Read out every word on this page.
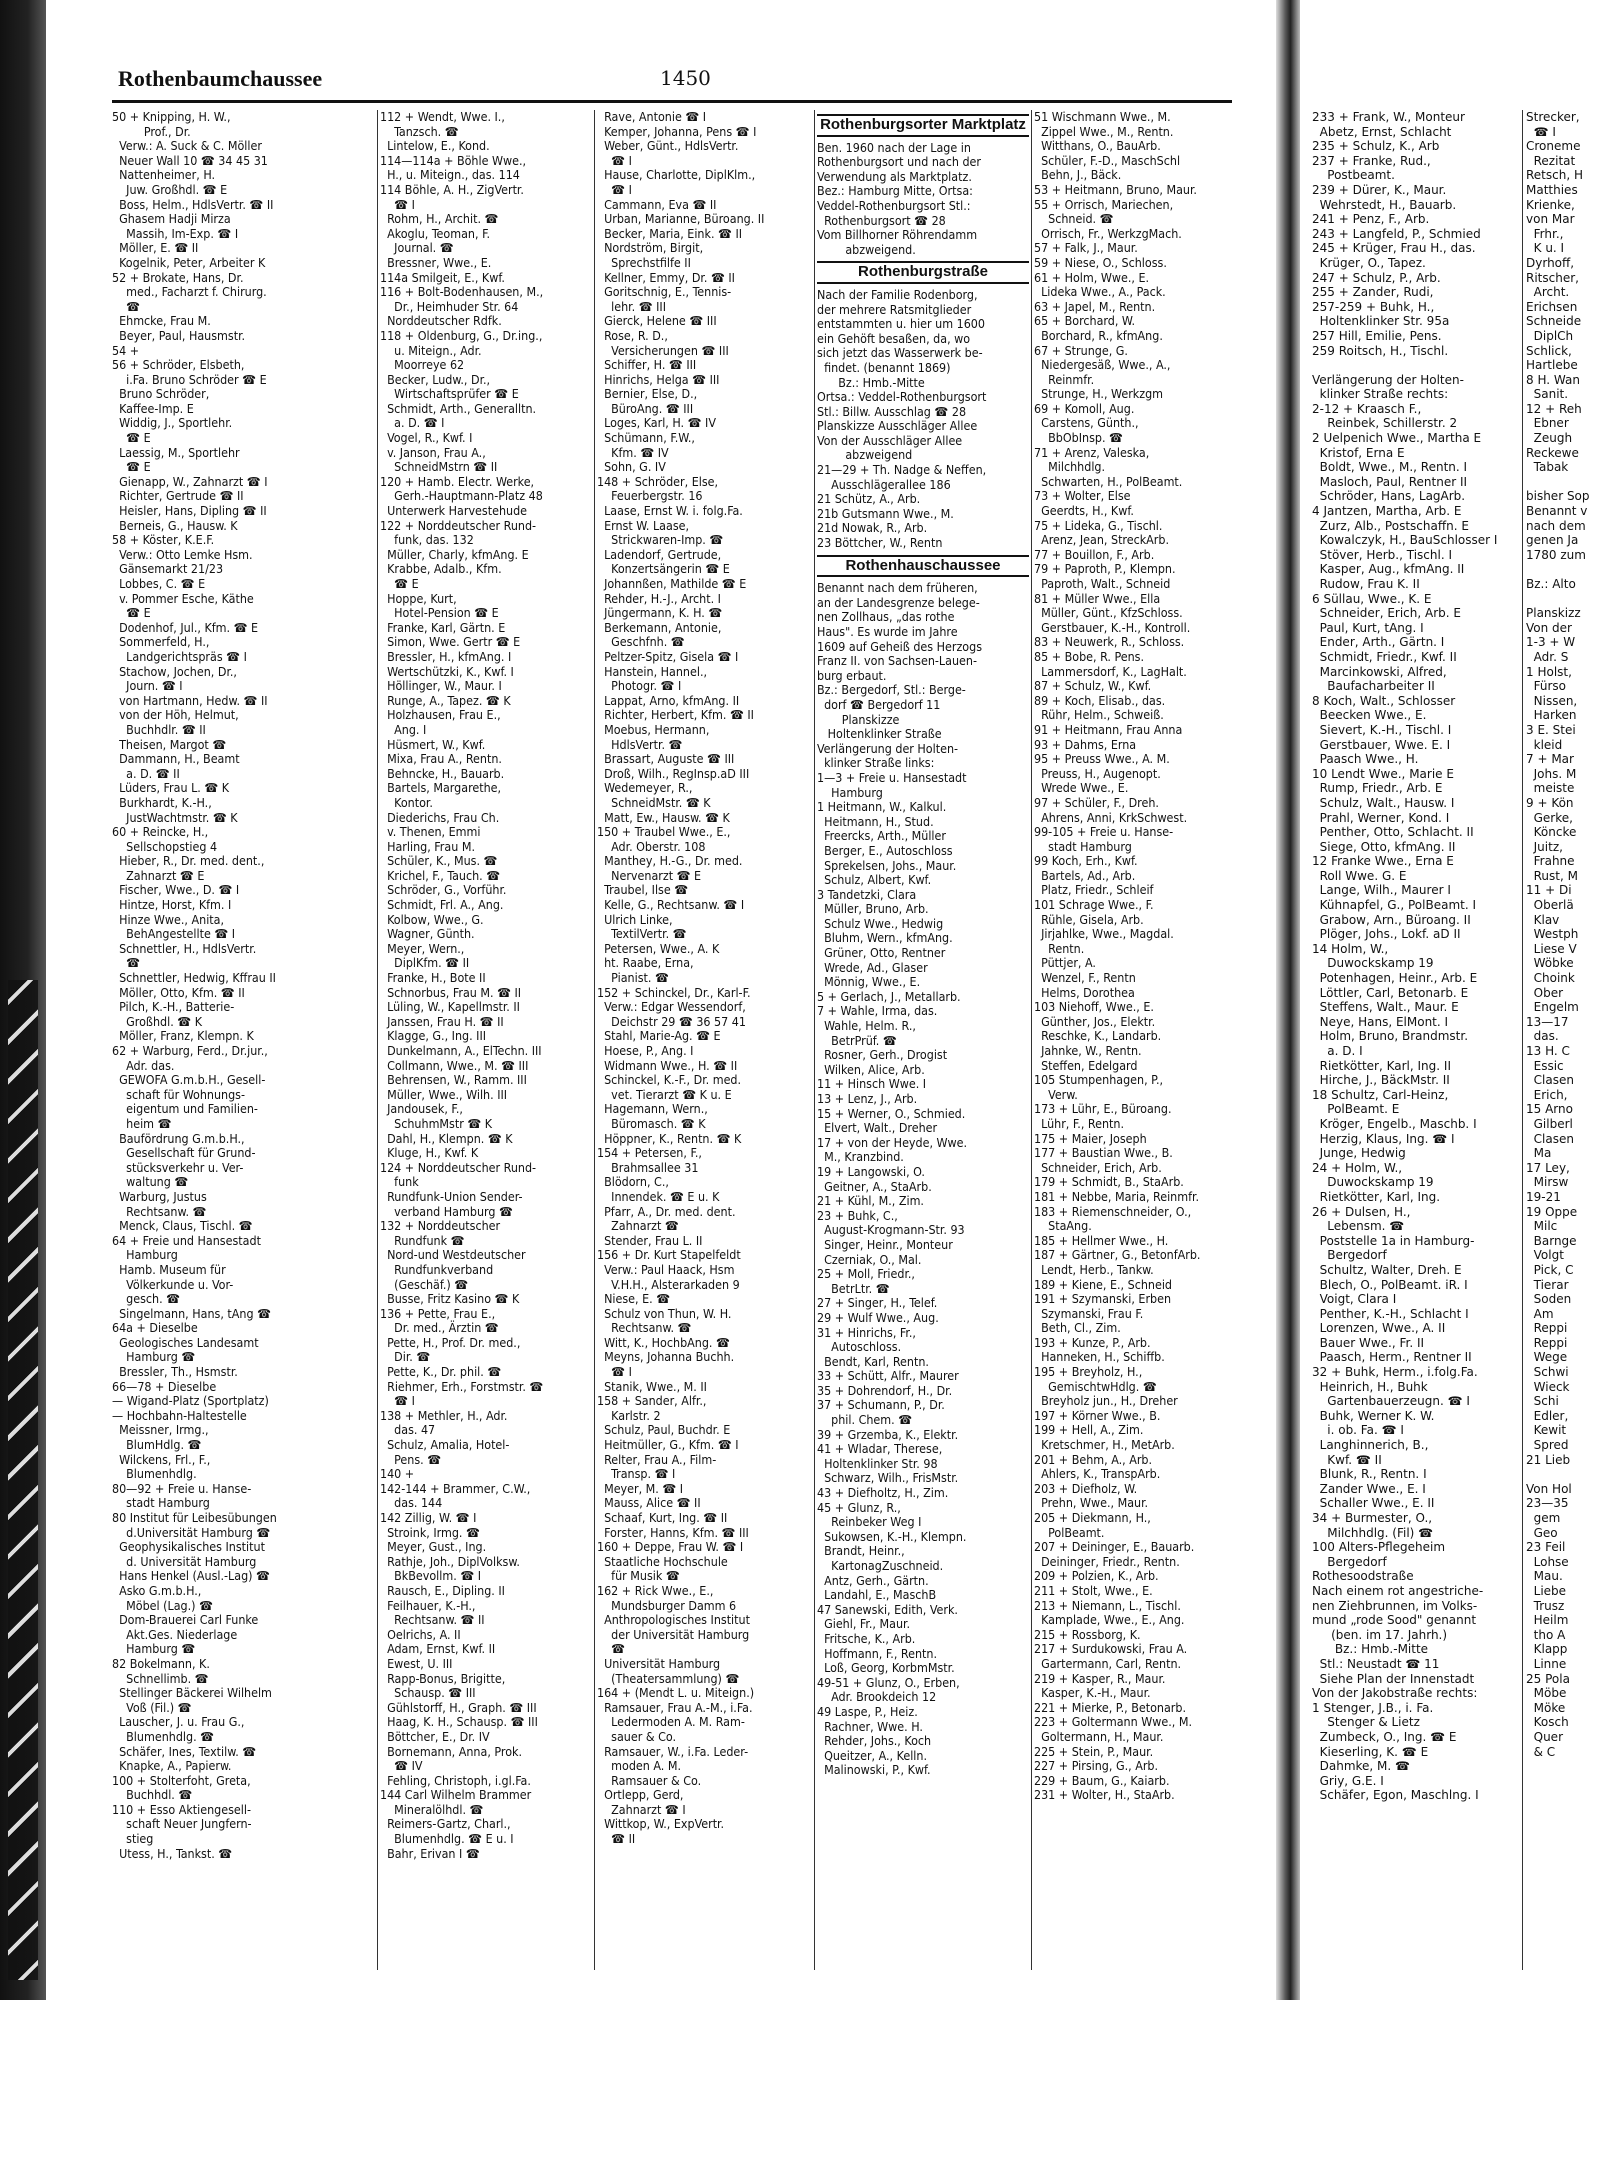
Rothenbaumchaussee	1450
50 + Knipping, H. W.,
Prof., Dr.
Verw.: A. Suck & C. Möller
Neuer Wall 10 ☎ 34 45 31
Nattenheimer, H.
Juw. Großhdl. ☎ E
Boss, Helm., HdlsVertr. ☎ II
Ghasem Hadji Mirza
Massih, Im-Exp. ☎ I
Möller, E. ☎ II
Kogelnik, Peter, Arbeiter K
52 + Brokate, Hans, Dr.
med., Facharzt f. Chirurg.
☎
Ehmcke, Frau M.
Beyer, Paul, Hausmstr.
54 +
56 + Schröder, Elsbeth,
i.Fa. Bruno Schröder ☎ E
Bruno Schröder,
Kaffee-Imp. E
Widdig, J., Sportlehr.
☎ E
Laessig, M., Sportlehr
☎ E
Gienapp, W., Zahnarzt ☎ I
Richter, Gertrude ☎ II
Heisler, Hans, Dipling ☎ II
Berneis, G., Hausw. K
58 + Köster, K.E.F.
Verw.: Otto Lemke Hsm.
Gänsemarkt 21/23
Lobbes, C. ☎ E
v. Pommer Esche, Käthe
☎ E
Dodenhof, Jul., Kfm. ☎ E
Sommerfeld, H.,
Landgerichtspräs ☎ I
Stachow, Jochen, Dr.,
Journ. ☎ I
von Hartmann, Hedw. ☎ II
von der Höh, Helmut,
Buchhdlr. ☎ II
Theisen, Margot ☎
Dammann, H., Beamt
a. D. ☎ II
Lüders, Frau L. ☎ K
Burkhardt, K.-H.,
JustWachtmstr. ☎ K
60 + Reincke, H.,
Sellschopstieg 4
Hieber, R., Dr. med. dent.,
Zahnarzt ☎ E
Fischer, Wwe., D. ☎ I
Hintze, Horst, Kfm. I
Hinze Wwe., Anita,
BehAngestellte ☎ I
Schnettler, H., HdlsVertr.
☎
Schnettler, Hedwig, Kffrau II
Möller, Otto, Kfm. ☎ II
Pilch, K.-H., Batterie-
Großhdl. ☎ K
Möller, Franz, Klempn. K
62 + Warburg, Ferd., Dr.jur.,
Adr. das.
GEWOFA G.m.b.H., Gesell-
schaft für Wohnungs-
eigentum und Familien-
heim ☎
Baufördrung G.m.b.H.,
Gesellschaft für Grund-
stücksverkehr u. Ver-
waltung ☎
Warburg, Justus
Rechtsanw. ☎
Menck, Claus, Tischl. ☎
64 + Freie und Hansestadt
Hamburg
Hamb. Museum für
Völkerkunde u. Vor-
gesch. ☎
Singelmann, Hans, tAng ☎
64a + Dieselbe
Geologisches Landesamt
Hamburg ☎
Bressler, Th., Hsmstr.
66—78 + Dieselbe
— Wigand-Platz (Sportplatz)
— Hochbahn-Haltestelle
Meissner, Irmg.,
BlumHdlg. ☎
Wilckens, Frl., F.,
Blumenhdlg.
80—92 + Freie u. Hanse-
stadt Hamburg
80 Institut für Leibesübungen
d.Universität Hamburg ☎
Geophysikalisches Institut
d. Universität Hamburg
Hans Henkel (Ausl.-Lag) ☎
Asko G.m.b.H.,
Möbel (Lag.) ☎
Dom-Brauerei Carl Funke
Akt.Ges. Niederlage
Hamburg ☎
82 Bokelmann, K.
Schnellimb. ☎
Stellinger Bäckerei Wilhelm
Voß (Fil.) ☎
Lauscher, J. u. Frau G.,
Blumenhdlg. ☎
Schäfer, Ines, Textilw. ☎
Knapke, A., Papierw.
100 + Stolterfoht, Greta,
Buchhdl. ☎
110 + Esso Aktiengesell-
schaft Neuer Jungfern-
stieg
Utess, H., Tankst. ☎
112 + Wendt, Wwe. I.,
Tanzsch. ☎
Lintelow, E., Kond.
114—114a + Böhle Wwe.,
H., u. Miteign., das. 114
114 Böhle, A. H., ZigVertr.
☎ I
Rohm, H., Archit. ☎
Akoglu, Teoman, F.
Journal. ☎
Bressner, Wwe., E.
114a Smilgeit, E., Kwf.
116 + Bolt-Bodenhausen, M.,
Dr., Heimhuder Str. 64
Norddeutscher Rdfk.
118 + Oldenburg, G., Dr.ing.,
u. Miteign., Adr.
Moorreye 62
Becker, Ludw., Dr.,
Wirtschaftsprüfer ☎ E
Schmidt, Arth., Generalltn.
a. D. ☎ I
Vogel, R., Kwf. I
v. Janson, Frau A.,
SchneidMstrn ☎ II
120 + Hamb. Electr. Werke,
Gerh.-Hauptmann-Platz 48
Unterwerk Harvestehude
122 + Norddeutscher Rund-
funk, das. 132
Müller, Charly, kfmAng. E
Krabbe, Adalb., Kfm.
☎ E
Hoppe, Kurt,
Hotel-Pension ☎ E
Franke, Karl, Gärtn. E
Simon, Wwe. Gertr ☎ E
Bressler, H., kfmAng. I
Wertschützki, K., Kwf. I
Höllinger, W., Maur. I
Runge, A., Tapez. ☎ K
Holzhausen, Frau E.,
Ang. I
Hüsmert, W., Kwf.
Mixa, Frau A., Rentn.
Behncke, H., Bauarb.
Bartels, Margarethe,
Kontor.
Diederichs, Frau Ch.
v. Thenen, Emmi
Harling, Frau M.
Schüler, K., Mus. ☎
Krichel, F., Tauch. ☎
Schröder, G., Vorführ.
Schmidt, Frl. A., Ang.
Kolbow, Wwe., G.
Wagner, Günth.
Meyer, Wern.,
DiplKfm. ☎ II
Franke, H., Bote II
Schnorbus, Frau M. ☎ II
Lüling, W., Kapellmstr. II
Janssen, Frau H. ☎ II
Klagge, G., Ing. III
Dunkelmann, A., ElTechn. III
Collmann, Wwe., M. ☎ III
Behrensen, W., Ramm. III
Müller, Wwe., Wilh. III
Jandousek, F.,
SchuhmMstr ☎ K
Dahl, H., Klempn. ☎ K
Kluge, H., Kwf. K
124 + Norddeutscher Rund-
funk
Rundfunk-Union Sender-
verband Hamburg ☎
132 + Norddeutscher
Rundfunk ☎
Nord-und Westdeutscher
Rundfunkverband
(Geschäf.) ☎
Busse, Fritz Kasino ☎ K
136 + Pette, Frau E.,
Dr. med., Ärztin ☎
Pette, H., Prof. Dr. med.,
Dir. ☎
Pette, K., Dr. phil. ☎
Riehmer, Erh., Forstmstr. ☎
☎ I
138 + Methler, H., Adr.
das. 47
Schulz, Amalia, Hotel-
Pens. ☎
140 +
142-144 + Brammer, C.W.,
das. 144
142 Zillig, W. ☎ I
Stroink, Irmg. ☎
Meyer, Gust., Ing.
Rathje, Joh., DiplVolksw.
BkBevollm. ☎ I
Rausch, E., Dipling. II
Feilhauer, K.-H.,
Rechtsanw. ☎ II
Oelrichs, A. II
Adam, Ernst, Kwf. II
Ewest, U. III
Rapp-Bonus, Brigitte,
Schausp. ☎ III
Gühlstorff, H., Graph. ☎ III
Haag, K. H., Schausp. ☎ III
Böttcher, E., Dr. IV
Bornemann, Anna, Prok.
☎ IV
Fehling, Christoph, i.gl.Fa.
144 Carl Wilhelm Brammer
Mineralölhdl. ☎
Reimers-Gartz, Charl.,
Blumenhdlg. ☎ E u. I
Bahr, Erivan I ☎
Rave, Antonie ☎ I
Kemper, Johanna, Pens ☎ I
Weber, Günt., HdlsVertr.
☎ I
Hause, Charlotte, DiplKlm.,
☎ I
Cammann, Eva ☎ II
Urban, Marianne, Büroang. II
Becker, Maria, Eink. ☎ II
Nordström, Birgit,
Sprechstfilfe II
Kellner, Emmy, Dr. ☎ II
Goritschnig, E., Tennis-
lehr. ☎ III
Gierck, Helene ☎ III
Rose, R. D.,
Versicherungen ☎ III
Schiffer, H. ☎ III
Hinrichs, Helga ☎ III
Bernier, Else, D.,
BüroAng. ☎ III
Loges, Karl, H. ☎ IV
Schümann, F.W.,
Kfm. ☎ IV
Sohn, G. IV
148 + Schröder, Else,
Feuerbergstr. 16
Laase, Ernst W. i. folg.Fa.
Ernst W. Laase,
Strickwaren-Imp. ☎
Ladendorf, Gertrude,
Konzertsängerin ☎ E
Johannßen, Mathilde ☎ E
Rehder, H.-J., Archt. I
Jüngermann, K. H. ☎
Berkemann, Antonie,
Geschfnh. ☎
Peltzer-Spitz, Gisela ☎ I
Hanstein, Hannel.,
Photogr. ☎ I
Lappat, Arno, kfmAng. II
Richter, Herbert, Kfm. ☎ II
Moebus, Hermann,
HdlsVertr. ☎
Brassart, Auguste ☎ III
Droß, Wilh., RegInsp.aD III
Wedemeyer, R.,
SchneidMstr. ☎ K
Matt, Ew., Hausw. ☎ K
150 + Traubel Wwe., E.,
Adr. Oberstr. 108
Manthey, H.-G., Dr. med.
Nervenarzt ☎ E
Traubel, Ilse ☎
Kelle, G., Rechtsanw. ☎ I
Ulrich Linke,
TextilVertr. ☎
Petersen, Wwe., A. K
ht. Raabe, Erna,
Pianist. ☎
152 + Schinckel, Dr., Karl-F.
Verw.: Edgar Wessendorf,
Deichstr 29 ☎ 36 57 41
Stahl, Marie-Ag. ☎ E
Hoese, P., Ang. I
Widmann Wwe., H. ☎ II
Schinckel, K.-F., Dr. med.
vet. Tierarzt ☎ K u. E
Hagemann, Wern.,
Büromasch. ☎ K
Höppner, K., Rentn. ☎ K
154 + Petersen, F.,
Brahmsallee 31
Blödorn, C.,
Innendek. ☎ E u. K
Pfarr, A., Dr. med. dent.
Zahnarzt ☎
Stender, Frau L. II
156 + Dr. Kurt Stapelfeldt
Verw.: Paul Haack, Hsm
V.H.H., Alsterarkaden 9
Niese, E. ☎
Schulz von Thun, W. H.
Rechtsanw. ☎
Witt, K., HochbAng. ☎
Meyns, Johanna Buchh.
☎ I
Stanik, Wwe., M. II
158 + Sander, Alfr.,
Karlstr. 2
Schulz, Paul, Buchdr. E
Heitmüller, G., Kfm. ☎ I
Relter, Frau A., Film-
Transp. ☎ I
Meyer, M. ☎ I
Mauss, Alice ☎ II
Schaaf, Kurt, Ing. ☎ II
Forster, Hanns, Kfm. ☎ III
160 + Deppe, Frau W. ☎ I
Staatliche Hochschule
für Musik ☎
162 + Rick Wwe., E.,
Mundsburger Damm 6
Anthropologisches Institut
der Universität Hamburg
☎
Universität Hamburg
(Theatersammlung) ☎
164 + (Mendt L. u. Miteign.)
Ramsauer, Frau A.-M., i.Fa.
Ledermoden A. M. Ram-
sauer & Co.
Ramsauer, W., i.Fa. Leder-
moden A. M.
Ramsauer & Co.
Ortlepp, Gerd,
Zahnarzt ☎ I
Wittkop, W., ExpVertr.
☎ II
Rothenburgsorter Marktplatz
Ben. 1960 nach der Lage in
Rothenburgsort und nach der
Verwendung als Marktplatz.
Bez.: Hamburg Mitte, Ortsa:
Veddel-Rothenburgsort Stl.:
Rothenburgsort ☎ 28
Vom Billhorner Röhrendamm
abzweigend.
Rothenburgstraße
Nach der Familie Rodenborg,
der mehrere Ratsmitglieder
entstammten u. hier um 1600
ein Gehöft besaßen, da, wo
sich jetzt das Wasserwerk be-
findet. (benannt 1869)
Bz.: Hmb.-Mitte
Ortsa.: Veddel-Rothenburgsort
Stl.: Billw. Ausschlag ☎ 28
Planskizze Ausschläger Allee
Von der Ausschläger Allee
abzweigend
21—29 + Th. Nadge & Neffen,
Ausschlägerallee 186
21 Schütz, A., Arb.
21b Gutsmann Wwe., M.
21d Nowak, R., Arb.
23 Böttcher, W., Rentn
Rothenhauschaussee
Benannt nach dem früheren,
an der Landesgrenze belege-
nen Zollhaus, „das rothe
Haus". Es wurde im Jahre
1609 auf Geheiß des Herzogs
Franz II. von Sachsen-Lauen-
burg erbaut.
Bz.: Bergedorf, Stl.: Berge-
dorf ☎ Bergedorf 11
Planskizze
Holtenklinker Straße
Verlängerung der Holten-
klinker Straße links:
1—3 + Freie u. Hansestadt
Hamburg
1 Heitmann, W., Kalkul.
Heitmann, H., Stud.
Freercks, Arth., Müller
Berger, E., Autoschloss
Sprekelsen, Johs., Maur.
Schulz, Albert, Kwf.
3 Tandetzki, Clara
Müller, Bruno, Arb.
Schulz Wwe., Hedwig
Bluhm, Wern., kfmAng.
Grüner, Otto, Rentner
Wrede, Ad., Glaser
Mönnig, Wwe., E.
5 + Gerlach, J., Metallarb.
7 + Wahle, Irma, das.
Wahle, Helm. R.,
BetrPrüf. ☎
Rosner, Gerh., Drogist
Wilken, Alice, Arb.
11 + Hinsch Wwe. I
13 + Lenz, J., Arb.
15 + Werner, O., Schmied.
Elvert, Walt., Dreher
17 + von der Heyde, Wwe.
M., Kranzbind.
19 + Langowski, O.
Geitner, A., StaArb.
21 + Kühl, M., Zim.
23 + Buhk, C.,
August-Krogmann-Str. 93
Singer, Heinr., Monteur
Czerniak, O., Mal.
25 + Moll, Friedr.,
BetrLtr. ☎
27 + Singer, H., Telef.
29 + Wulf Wwe., Aug.
31 + Hinrichs, Fr.,
Autoschloss.
Bendt, Karl, Rentn.
33 + Schütt, Alfr., Maurer
35 + Dohrendorf, H., Dr.
37 + Schumann, P., Dr.
phil. Chem. ☎
39 + Grzemba, K., Elektr.
41 + Wladar, Therese,
Holtenklinker Str. 98
Schwarz, Wilh., FrisMstr.
43 + Diefholtz, H., Zim.
45 + Glunz, R.,
Reinbeker Weg I
Sukowsen, K.-H., Klempn.
Brandt, Heinr.,
KartonagZuschneid.
Antz, Gerh., Gärtn.
Landahl, E., MaschB
47 Sanewski, Edith, Verk.
Giehl, Fr., Maur.
Fritsche, K., Arb.
Hoffmann, F., Rentn.
Loß, Georg, KorbmMstr.
49-51 + Glunz, O., Erben,
Adr. Brookdeich 12
49 Laspe, P., Heiz.
Rachner, Wwe. H.
Rehder, Johs., Koch
Queitzer, A., Kelln.
Malinowski, P., Kwf.
51 Wischmann Wwe., M.
Zippel Wwe., M., Rentn.
Witthans, O., BauArb.
Schüler, F.-D., MaschSchl
Behn, J., Bäck.
53 + Heitmann, Bruno, Maur.
55 + Orrisch, Mariechen,
Schneid. ☎
Orrisch, Fr., WerkzgMach.
57 + Falk, J., Maur.
59 + Niese, O., Schloss.
61 + Holm, Wwe., E.
Lideka Wwe., A., Pack.
63 + Japel, M., Rentn.
65 + Borchard, W.
Borchard, R., kfmAng.
67 + Strunge, G.
Niedergesäß, Wwe., A.,
Reinmfr.
Strunge, H., Werkzgm
69 + Komoll, Aug.
Carstens, Günth.,
BbObInsp. ☎
71 + Arenz, Valeska,
Milchhdlg.
Schwarten, H., PolBeamt.
73 + Wolter, Else
Geerdts, H., Kwf.
75 + Lideka, G., Tischl.
Arenz, Jean, StreckArb.
77 + Bouillon, F., Arb.
79 + Paproth, P., Klempn.
Paproth, Walt., Schneid
81 + Müller Wwe., Ella
Müller, Günt., KfzSchloss.
Gerstbauer, K.-H., Kontroll.
83 + Neuwerk, R., Schloss.
85 + Bobe, R. Pens.
Lammersdorf, K., LagHalt.
87 + Schulz, W., Kwf.
89 + Koch, Elisab., das.
Rühr, Helm., Schweiß.
91 + Heitmann, Frau Anna
93 + Dahms, Erna
95 + Preuss Wwe., A. M.
Preuss, H., Augenopt.
Wrede Wwe., E.
97 + Schüler, F., Dreh.
Ahrens, Anni, KrkSchwest.
99-105 + Freie u. Hanse-
stadt Hamburg
99 Koch, Erh., Kwf.
Bartels, Ad., Arb.
Platz, Friedr., Schleif
101 Schrage Wwe., F.
Rühle, Gisela, Arb.
Jirjahlke, Wwe., Magdal.
Rentn.
Püttjer, A.
Wenzel, F., Rentn
Helms, Dorothea
103 Niehoff, Wwe., E.
Günther, Jos., Elektr.
Reschke, K., Landarb.
Jahnke, W., Rentn.
Steffen, Edelgard
105 Stumpenhagen, P.,
Verw.
173 + Lühr, E., Büroang.
Lühr, F., Rentn.
175 + Maier, Joseph
177 + Baustian Wwe., B.
Schneider, Erich, Arb.
179 + Schmidt, B., StaArb.
181 + Nebbe, Maria, Reinmfr.
183 + Riemenschneider, O.,
StaAng.
185 + Hellmer Wwe., H.
187 + Gärtner, G., BetonfArb.
Lendt, Herb., Tankw.
189 + Kiene, E., Schneid
191 + Szymanski, Erben
Szymanski, Frau F.
Beth, Cl., Zim.
193 + Kunze, P., Arb.
Hanneken, H., Schiffb.
195 + Breyholz, H.,
GemischtwHdlg. ☎
Breyholz jun., H., Dreher
197 + Körner Wwe., B.
199 + Hell, A., Zim.
Kretschmer, H., MetArb.
201 + Behm, A., Arb.
Ahlers, K., TranspArb.
203 + Diefholz, W.
Prehn, Wwe., Maur.
205 + Diekmann, H.,
PolBeamt.
207 + Deininger, E., Bauarb.
Deininger, Friedr., Rentn.
209 + Polzien, K., Arb.
211 + Stolt, Wwe., E.
213 + Niemann, L., Tischl.
Kamplade, Wwe., E., Ang.
215 + Rossborg, K.
217 + Surdukowski, Frau A.
Gartermann, Carl, Rentn.
219 + Kasper, R., Maur.
Kasper, K.-H., Maur.
221 + Mierke, P., Betonarb.
223 + Goltermann Wwe., M.
Goltermann, H., Maur.
225 + Stein, P., Maur.
227 + Pirsing, G., Arb.
229 + Baum, G., Kaiarb.
231 + Wolter, H., StaArb.
233 + Frank, W., Monteur
Abetz, Ernst, Schlacht
235 + Schulz, K., Arb
237 + Franke, Rud.,
Postbeamt.
239 + Dürer, K., Maur.
Wehrstedt, H., Bauarb.
241 + Penz, F., Arb.
243 + Langfeld, P., Schmied
245 + Krüger, Frau H., das.
Krüger, O., Tapez.
247 + Schulz, P., Arb.
255 + Zander, Rudi,
257-259 + Buhk, H.,
Holtenklinker Str. 95a
257 Hill, Emilie, Pens.
259 Roitsch, H., Tischl.

Verlängerung der Holten-
klinker Straße rechts:
2-12 + Kraasch F.,
Reinbek, Schillerstr. 2
2 Uelpenich Wwe., Martha E
Kristof, Erna E
Boldt, Wwe., M., Rentn. I
Masloch, Paul, Rentner II
Schröder, Hans, LagArb.
4 Jantzen, Martha, Arb. E
Zurz, Alb., Postschaffn. E
Kowalczyk, H., BauSchlosser I
Stöver, Herb., Tischl. I
Kasper, Aug., kfmAng. II
Rudow, Frau K. II
6 Süllau, Wwe., K. E
Schneider, Erich, Arb. E
Paul, Kurt, tAng. I
Ender, Arth., Gärtn. I
Schmidt, Friedr., Kwf. II
Marcinkowski, Alfred,
Baufacharbeiter II
8 Koch, Walt., Schlosser
Beecken Wwe., E.
Sievert, K.-H., Tischl. I
Gerstbauer, Wwe. E. I
Paasch Wwe., H.
10 Lendt Wwe., Marie E
Rump, Friedr., Arb. E
Schulz, Walt., Hausw. I
Prahl, Werner, Kond. I
Penther, Otto, Schlacht. II
Siege, Otto, kfmAng. II
12 Franke Wwe., Erna E
Roll Wwe. G. E
Lange, Wilh., Maurer I
Kühnapfel, G., PolBeamt. I
Grabow, Arn., Büroang. II
Plöger, Johs., Lokf. aD II
14 Holm, W.,
Duwockskamp 19
Potenhagen, Heinr., Arb. E
Löttler, Carl, Betonarb. E
Steffens, Walt., Maur. E
Neye, Hans, ElMont. I
Holm, Bruno, Brandmstr.
a. D. I
Rietkötter, Karl, Ing. II
Hirche, J., BäckMstr. II
18 Schultz, Carl-Heinz,
PolBeamt. E
Kröger, Engelb., Maschb. I
Herzig, Klaus, Ing. ☎ I
Junge, Hedwig
24 + Holm, W.,
Duwockskamp 19
Rietkötter, Karl, Ing.
26 + Dulsen, H.,
Lebensm. ☎
Poststelle 1a in Hamburg-
Bergedorf
Schultz, Walter, Dreh. E
Blech, O., PolBeamt. iR. I
Voigt, Clara I
Penther, K.-H., Schlacht I
Lorenzen, Wwe., A. II
Bauer Wwe., Fr. II
Paasch, Herm., Rentner II
32 + Buhk, Herm., i.folg.Fa.
Heinrich, H., Buhk
Gartenbauerzeugn. ☎ I
Buhk, Werner K. W.
i. ob. Fa. ☎ I
Langhinnerich, B.,
Kwf. ☎ II
Blunk, R., Rentn. I
Zander Wwe., E. I
Schaller Wwe., E. II
34 + Burmester, O.,
Milchhdlg. (Fil) ☎
100 Alters-Pflegeheim
Bergedorf
Rothesoodstraße
Nach einem rot angestriche-
nen Ziehbrunnen, im Volks-
mund „rode Sood" genannt
(ben. im 17. Jahrh.)
Bz.: Hmb.-Mitte
Stl.: Neustadt ☎ 11
Siehe Plan der Innenstadt
Von der Jakobstraße rechts:
1 Stenger, J.B., i. Fa.
Stenger & Lietz
Zumbeck, O., Ing. ☎ E
Kieserling, K. ☎ E
Dahmke, M. ☎
Griy, G.E. I
Schäfer, Egon, Maschlng. I
Strecker,
☎ I
Croneme
Rezitat
Retsch, H
Matthies
Krienke,
von Mar
Frhr.,
K u. I
Dyrhoff,
Ritscher,
Archt.
Erichsen
Schneide
DiplCh
Schlick,
Hartlebe
8 H. Wan
Sanit.
12 + Reh
Ebner
Zeugh
Reckewe
Tabak

bisher Sop
Benannt v
nach dem
genen Ja
1780 zum

Bz.: Alto

Planskizz
Von der
1-3 + W
Adr. S
1 Holst,
Fürso
Nissen,
Harken
3 E. Stei
kleid
7 + Mar
Johs. M
meiste
9 + Kön
Gerke,
Köncke
Juitz,
Frahne
Rust, M
11 + Di
Oberlä
Klav
Westph
Liese V
Wöbke
Choink
Ober
Engelm
13—17
das.
13 H. C
Essic
Clasen
Erich,
15 Arno
Gilberl
Clasen
Ma
17 Ley,
Mirsw
19-21
19 Oppe
Milc
Barnge
Volgt
Pick, C
Tierar
Soden
Am
Reppi
Reppi
Wege
Schwi
Wieck
Schi
Edler,
Kewit
Spred
21 Lieb

Von Hol
23—35
gem
Geo
23 Feil
Lohse
Mau.
Liebe
Trusz
Heilm
tho A
Klapp
Linne
25 Pola
Möbe
Möke
Kosch
Quer
& C
